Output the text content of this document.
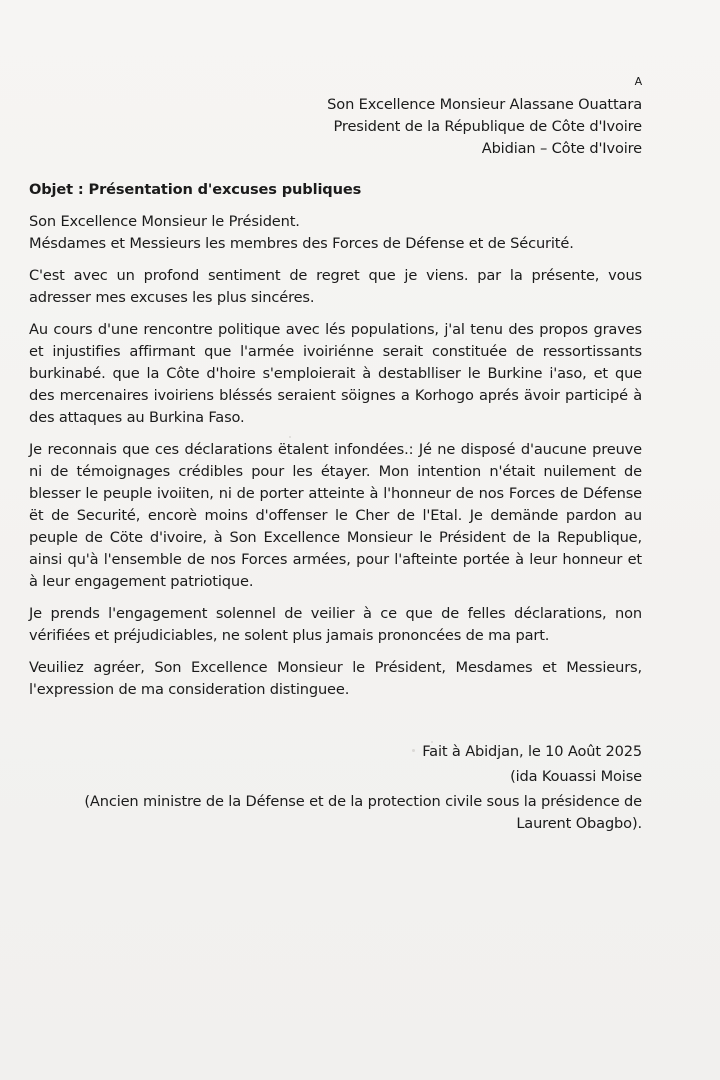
A
Son Excellence Monsieur Alassane Ouattara
President de la République de Côte d'Ivoire
Abidian – Côte d'Ivoire
Objet : Présentation d'excuses publiques

Son Excellence Monsieur le Président.
Mésdames et Messieurs les membres des Forces de Défense et de Sécurité.

C'est avec un profond sentiment de regret que je viens. par la présente, vous adresser mes excuses les plus sincéres.

Au cours d'une rencontre politique avec lés populations, j'al tenu des propos graves et injustifies affirmant que l'armée ivoiriénne serait constituée de ressortissants burkinabé. que la Côte d'hoire s'emploierait à destablliser le Burkine i'aso, et que des mercenaires ivoiriens bléssés seraient söignes a Korhogo aprés ävoir participé à des attaques au Burkina Faso.

Je reconnais que ces déclarations ëtalent infondées.: Jé ne disposé d'aucune preuve ni de témoignages crédibles pour les étayer. Mon intention n'était nuilement de blesser le peuple ivoiiten, ni de porter atteinte à l'honneur de nos Forces de Défense ët de Securité, encorè moins d'offenser le Cher de l'Etal. Je demände pardon au peuple de Cöte d'ivoire, à Son Excellence Monsieur le Président de la Republique, ainsi qu'à l'ensemble de nos Forces armées, pour l'afteinte portée à leur honneur et à leur engagement patriotique.

Je prends l'engagement solennel de veilier à ce que de felles déclarations, non vérifiées et préjudiciables, ne solent plus jamais prononcées de ma part.

Veuiliez agréer, Son Excellence Monsieur le Président, Mesdames et Messieurs, l'expression de ma consideration distinguee.

Fait à Abidjan, le 10 Août 2025
(ida Kouassi Moise
(Ancien ministre de la Défense et de la protection civile sous la présidence de Laurent Obagbo).
